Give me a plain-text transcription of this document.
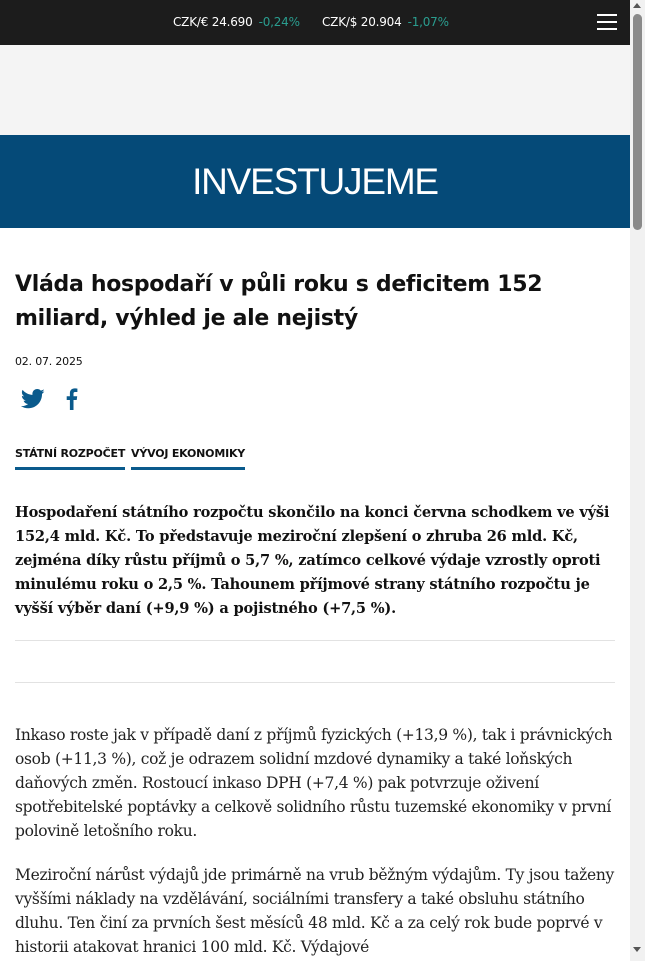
CZK/€ 24.690 -0,24% CZK/$ 20.904 -1,07%
INVESTUJEME
Vláda hospodaří v půli roku s deficitem 152 miliard, výhled je ale nejistý
02. 07. 2025
STÁTNÍ ROZPOČET VÝVOJ EKONOMIKY

Hospodaření státního rozpočtu skončilo na konci června schodkem ve výši 152,4 mld. Kč. To představuje meziroční zlepšení o zhruba 26 mld. Kč, zejména díky růstu příjmů o 5,7 %, zatímco celkové výdaje vzrostly oproti minulému roku o 2,5 %. Tahounem příjmové strany státního rozpočtu je vyšší výběr daní (+9,9 %) a pojistného (+7,5 %).

Inkaso roste jak v případě daní z příjmů fyzických (+13,9 %), tak i právnických osob (+11,3 %), což je odrazem solidní mzdové dynamiky a také loňských daňových změn. Rostoucí inkaso DPH (+7,4 %) pak potvrzuje oživení spotřebitelské poptávky a celkově solidního růstu tuzemské ekonomiky v první polovině letošního roku.

Meziroční nárůst výdajů jde primárně na vrub běžným výdajům. Ty jsou taženy vyššími náklady na vzdělávání, sociálními transfery a také obsluhu státního dluhu. Ten činí za prvních šest měsíců 48 mld. Kč a za celý rok bude poprvé v historii atakovat hranici 100 mld. Kč. Výdajové
